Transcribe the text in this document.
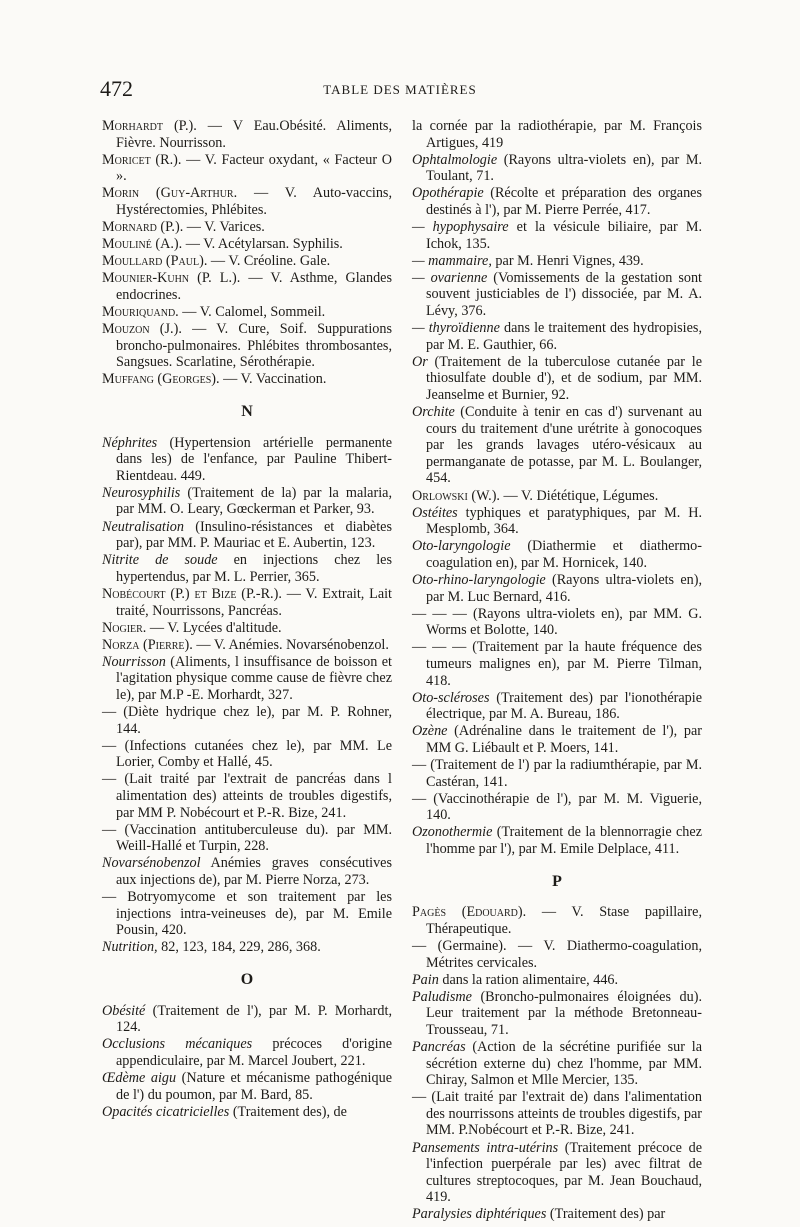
472	TABLE DES MATIÈRES
Morhardt (P.). — V Eau.Obésité. Aliments, Fièvre. Nourrisson.
Moricet (R.). — V. Facteur oxydant, « Facteur O ».
Morin (Guy-Arthur. — V. Auto-vaccins, Hystérectomies, Phlébites.
Mornard (P.). — V. Varices.
Mouliné (A.). — V. Acétylarsan. Syphilis.
Moullard (Paul). — V. Créoline. Gale.
Mounier-Kuhn (P. L.). — V. Asthme, Glandes endocrines.
Mouriquand. — V. Calomel, Sommeil.
Mouzon (J.). — V. Cure, Soif. Suppurations broncho-pulmonaires. Phlébites thrombosantes, Sangsues. Scarlatine, Sérothérapie.
Muffang (Georges). — V. Vaccination.
N
Néphrites (Hypertension artérielle permanente dans les) de l'enfance, par Pauline Thibert-Rientdeau. 449.
Neurosyphilis (Traitement de la) par la malaria, par MM. O. Leary, Gœckerman et Parker, 93.
Neutralisation (Insulino-résistances et diabètes par), par MM. P. Mauriac et E. Aubertin, 123.
Nitrite de soude en injections chez les hypertendus, par M. L. Perrier, 365.
Nobécourt (P.) et Bize (P.-R.). — V. Extrait, Lait traité, Nourrissons, Pancréas.
Nogier. — V. Lycées d'altitude.
Norza (Pierre). — V. Anémies. Novarsénobenzol.
Nourrisson (Aliments, l insuffisance de boisson et l'agitation physique comme cause de fièvre chez le), par M.P -E. Morhardt, 327.
— (Diète hydrique chez le), par M. P. Rohner, 144.
— (Infections cutanées chez le), par MM. Le Lorier, Comby et Hallé, 45.
— (Lait traité par l'extrait de pancréas dans l alimentation des) atteints de troubles digestifs, par MM P. Nobécourt et P.-R. Bize, 241.
— (Vaccination antituberculeuse du). par MM. Weill-Hallé et Turpin, 228.
Novarsénobenzol Anémies graves consécutives aux injections de), par M. Pierre Norza, 273.
— Botryomycome et son traitement par les injections intra-veineuses de), par M. Emile Pousin, 420.
Nutrition, 82, 123, 184, 229, 286, 368.
O
Obésité (Traitement de l'), par M. P. Morhardt, 124.
Occlusions mécaniques précoces d'origine appendiculaire, par M. Marcel Joubert, 221.
Œdème aigu (Nature et mécanisme pathogénique de l') du poumon, par M. Bard, 85.
Opacités cicatricielles (Traitement des), de
la cornée par la radiothérapie, par M. François Artigues, 419
Ophtalmologie (Rayons ultra-violets en), par M. Toulant, 71.
Opothérapie (Récolte et préparation des organes destinés à l'), par M. Pierre Perrée, 417.
— hypophysaire et la vésicule biliaire, par M. Ichok, 135.
— mammaire, par M. Henri Vignes, 439.
— ovarienne (Vomissements de la gestation sont souvent justiciables de l') dissociée, par M. A. Lévy, 376.
— thyroïdienne dans le traitement des hydropisies, par M. E. Gauthier, 66.
Or (Traitement de la tuberculose cutanée par le thiosulfate double d'), et de sodium, par MM. Jeanselme et Burnier, 92.
Orchite (Conduite à tenir en cas d') survenant au cours du traitement d'une urétrite à gonocoques par les grands lavages utéro-vésicaux au permanganate de potasse, par M. L. Boulanger, 454.
Orlowski (W.). — V. Diététique, Légumes.
Ostéites typhiques et paratyphiques, par M. H. Mesplomb, 364.
Oto-laryngologie (Diathermie et diathermo-coagulation en), par M. Hornicek, 140.
Oto-rhino-laryngologie (Rayons ultra-violets en), par M. Luc Bernard, 416.
— — — (Rayons ultra-violets en), par MM. G. Worms et Bolotte, 140.
— — — (Traitement par la haute fréquence des tumeurs malignes en), par M. Pierre Tilman, 418.
Oto-scléroses (Traitement des) par l'ionothérapie électrique, par M. A. Bureau, 186.
Ozène (Adrénaline dans le traitement de l'), par MM G. Liébault et P. Moers, 141.
— (Traitement de l') par la radiumthérapie, par M. Castéran, 141.
— (Vaccinothérapie de l'), par M. M. Viguerie, 140.
Ozonothermie (Traitement de la blennorragie chez l'homme par l'), par M. Emile Delplace, 411.
P
Pagès (Edouard). — V. Stase papillaire, Thérapeutique.
— (Germaine). — V. Diathermo-coagulation, Métrites cervicales.
Pain dans la ration alimentaire, 446.
Paludisme (Broncho-pulmonaires éloignées du). Leur traitement par la méthode Bretonneau-Trousseau, 71.
Pancréas (Action de la sécrétine purifiée sur la sécrétion externe du) chez l'homme, par MM. Chiray, Salmon et Mlle Mercier, 135.
— (Lait traité par l'extrait de) dans l'alimentation des nourrissons atteints de troubles digestifs, par MM. P.Nobécourt et P.-R. Bize, 241.
Pansements intra-utérins (Traitement précoce de l'infection puerpérale par les) avec filtrat de cultures streptocoques, par M. Jean Bouchaud, 419.
Paralysies diphtériques (Traitement des) par
